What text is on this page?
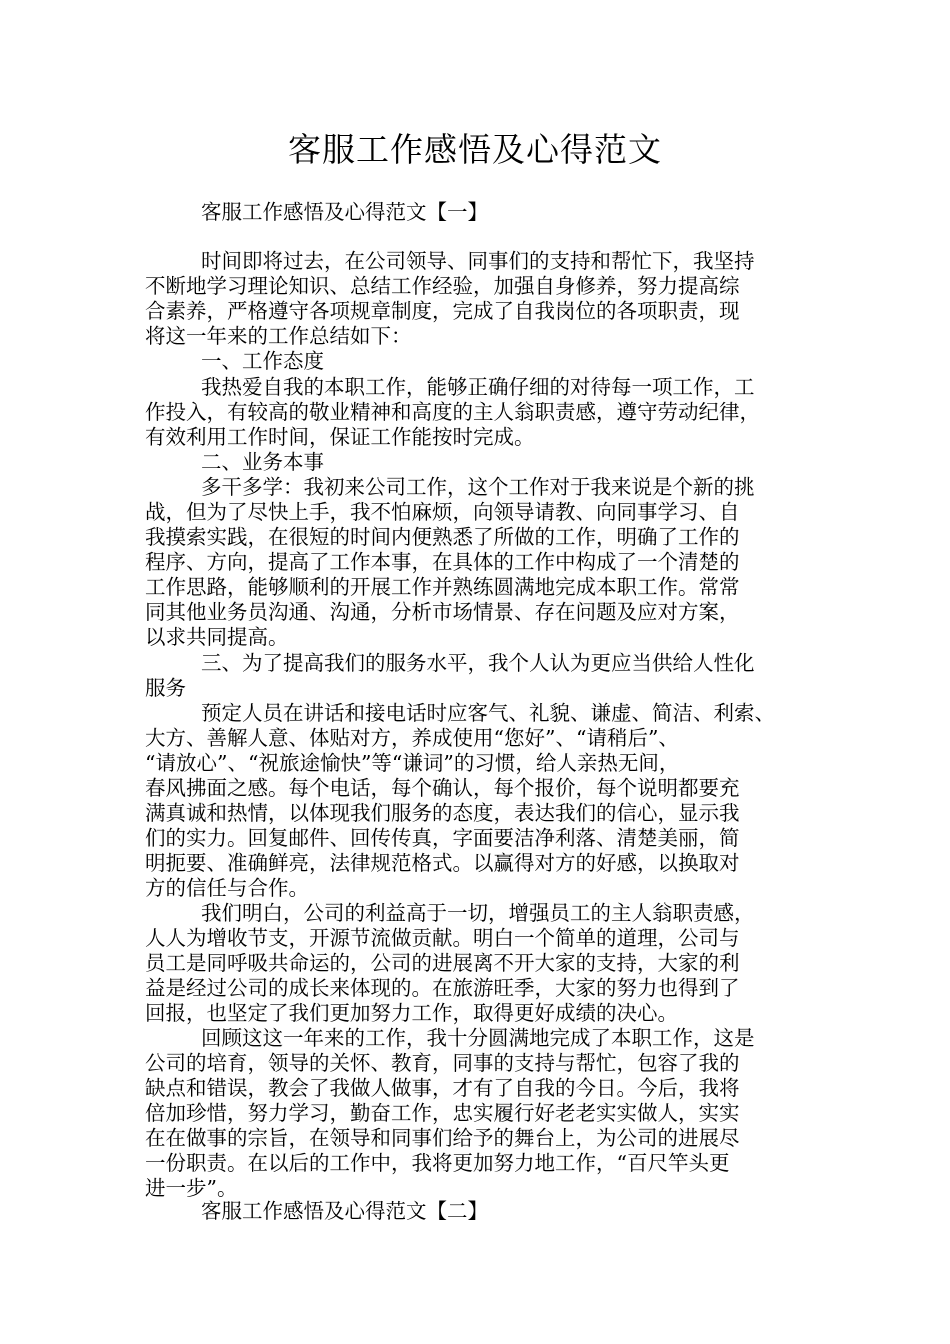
客服工作感悟及心得范文
客服工作感悟及心得范文【一】
时间即将过去，在公司领导、同事们的支持和帮忙下，我坚持
不断地学习理论知识、总结工作经验，加强自身修养，努力提高综
合素养，严格遵守各项规章制度，完成了自我岗位的各项职责，现
将这一年来的工作总结如下：
一、工作态度
我热爱自我的本职工作，能够正确仔细的对待每一项工作，工
作投入，有较高的敬业精神和高度的主人翁职责感，遵守劳动纪律，
有效利用工作时间，保证工作能按时完成。
二、业务本事
多干多学：我初来公司工作，这个工作对于我来说是个新的挑
战，但为了尽快上手，我不怕麻烦，向领导请教、向同事学习、自
我摸索实践，在很短的时间内便熟悉了所做的工作，明确了工作的
程序、方向，提高了工作本事，在具体的工作中构成了一个清楚的
工作思路，能够顺利的开展工作并熟练圆满地完成本职工作。常常
同其他业务员沟通、沟通，分析市场情景、存在问题及应对方案，
以求共同提高。
三、为了提高我们的服务水平，我个人认为更应当供给人性化
服务
预定人员在讲话和接电话时应客气、礼貌、谦虚、简洁、利索、
大方、善解人意、体贴对方，养成使用“您好”、“请稍后”、
“请放心”、“祝旅途愉快”等“谦词”的习惯，给人亲热无间，
春风拂面之感。每个电话，每个确认，每个报价，每个说明都要充
满真诚和热情，以体现我们服务的态度，表达我们的信心，显示我
们的实力。回复邮件、回传传真，字面要洁净利落、清楚美丽，简
明扼要、准确鲜亮，法律规范格式。以赢得对方的好感，以换取对
方的信任与合作。
我们明白，公司的利益高于一切，增强员工的主人翁职责感，
人人为增收节支，开源节流做贡献。明白一个简单的道理，公司与
员工是同呼吸共命运的，公司的进展离不开大家的支持，大家的利
益是经过公司的成长来体现的。在旅游旺季，大家的努力也得到了
回报，也坚定了我们更加努力工作，取得更好成绩的决心。
回顾这这一年来的工作，我十分圆满地完成了本职工作，这是
公司的培育，领导的关怀、教育，同事的支持与帮忙，包容了我的
缺点和错误，教会了我做人做事，才有了自我的今日。今后，我将
倍加珍惜，努力学习，勤奋工作，忠实履行好老老实实做人，实实
在在做事的宗旨，在领导和同事们给予的舞台上，为公司的进展尽
一份职责。在以后的工作中，我将更加努力地工作，“百尺竿头更
进一步”。
客服工作感悟及心得范文【二】
